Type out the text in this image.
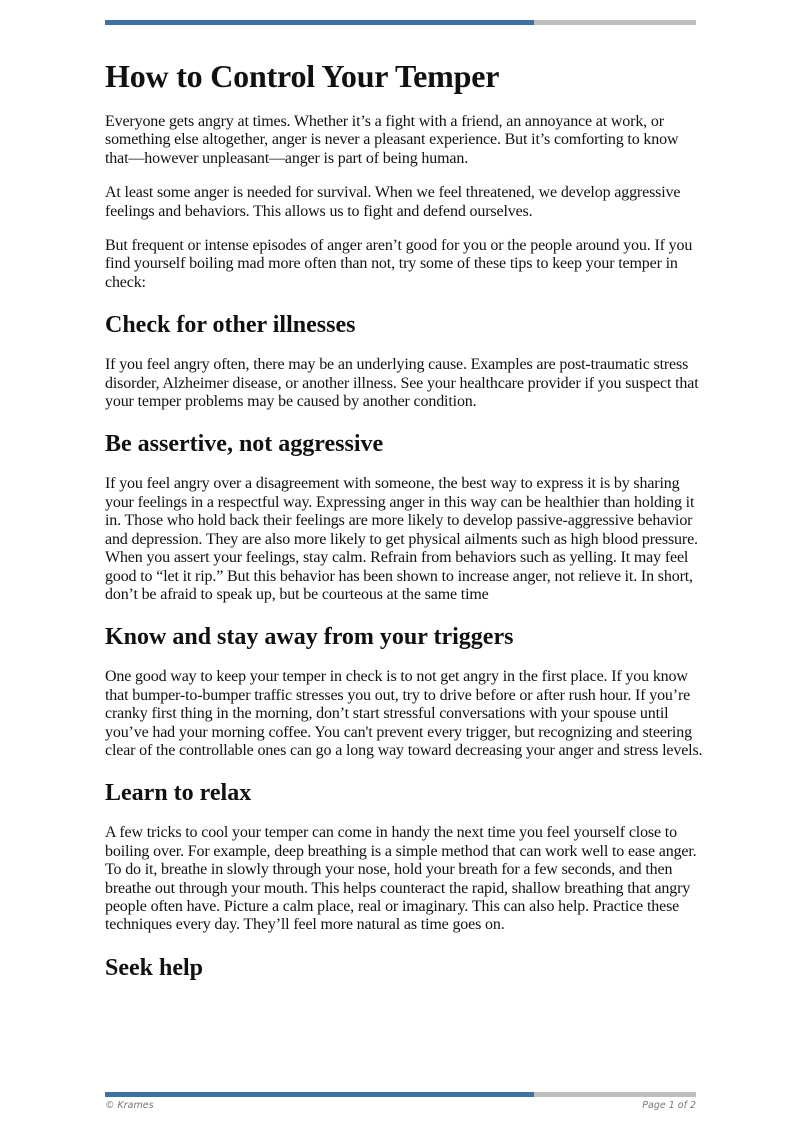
How to Control Your Temper

Everyone gets angry at times. Whether it’s a fight with a friend, an annoyance at work, or something else altogether, anger is never a pleasant experience. But it’s comforting to know that—however unpleasant—anger is part of being human.

At least some anger is needed for survival. When we feel threatened, we develop aggressive feelings and behaviors. This allows us to fight and defend ourselves.

But frequent or intense episodes of anger aren’t good for you or the people around you. If you find yourself boiling mad more often than not, try some of these tips to keep your temper in check:

Check for other illnesses

If you feel angry often, there may be an underlying cause. Examples are post-traumatic stress disorder, Alzheimer disease, or another illness. See your healthcare provider if you suspect that your temper problems may be caused by another condition.

Be assertive, not aggressive

If you feel angry over a disagreement with someone, the best way to express it is by sharing your feelings in a respectful way. Expressing anger in this way can be healthier than holding it in. Those who hold back their feelings are more likely to develop passive-aggressive behavior and depression. They are also more likely to get physical ailments such as high blood pressure. When you assert your feelings, stay calm. Refrain from behaviors such as yelling. It may feel good to “let it rip.” But this behavior has been shown to increase anger, not relieve it. In short, don’t be afraid to speak up, but be courteous at the same time

Know and stay away from your triggers

One good way to keep your temper in check is to not get angry in the first place. If you know that bumper-to-bumper traffic stresses you out, try to drive before or after rush hour. If you’re cranky first thing in the morning, don’t start stressful conversations with your spouse until you’ve had your morning coffee. You can't prevent every trigger, but recognizing and steering clear of the controllable ones can go a long way toward decreasing your anger and stress levels.

Learn to relax

A few tricks to cool your temper can come in handy the next time you feel yourself close to boiling over. For example, deep breathing is a simple method that can work well to ease anger. To do it, breathe in slowly through your nose, hold your breath for a few seconds, and then breathe out through your mouth. This helps counteract the rapid, shallow breathing that angry people often have. Picture a calm place, real or imaginary. This can also help. Practice these techniques every day. They’ll feel more natural as time goes on.

Seek help
© Krames	Page 1 of 2
